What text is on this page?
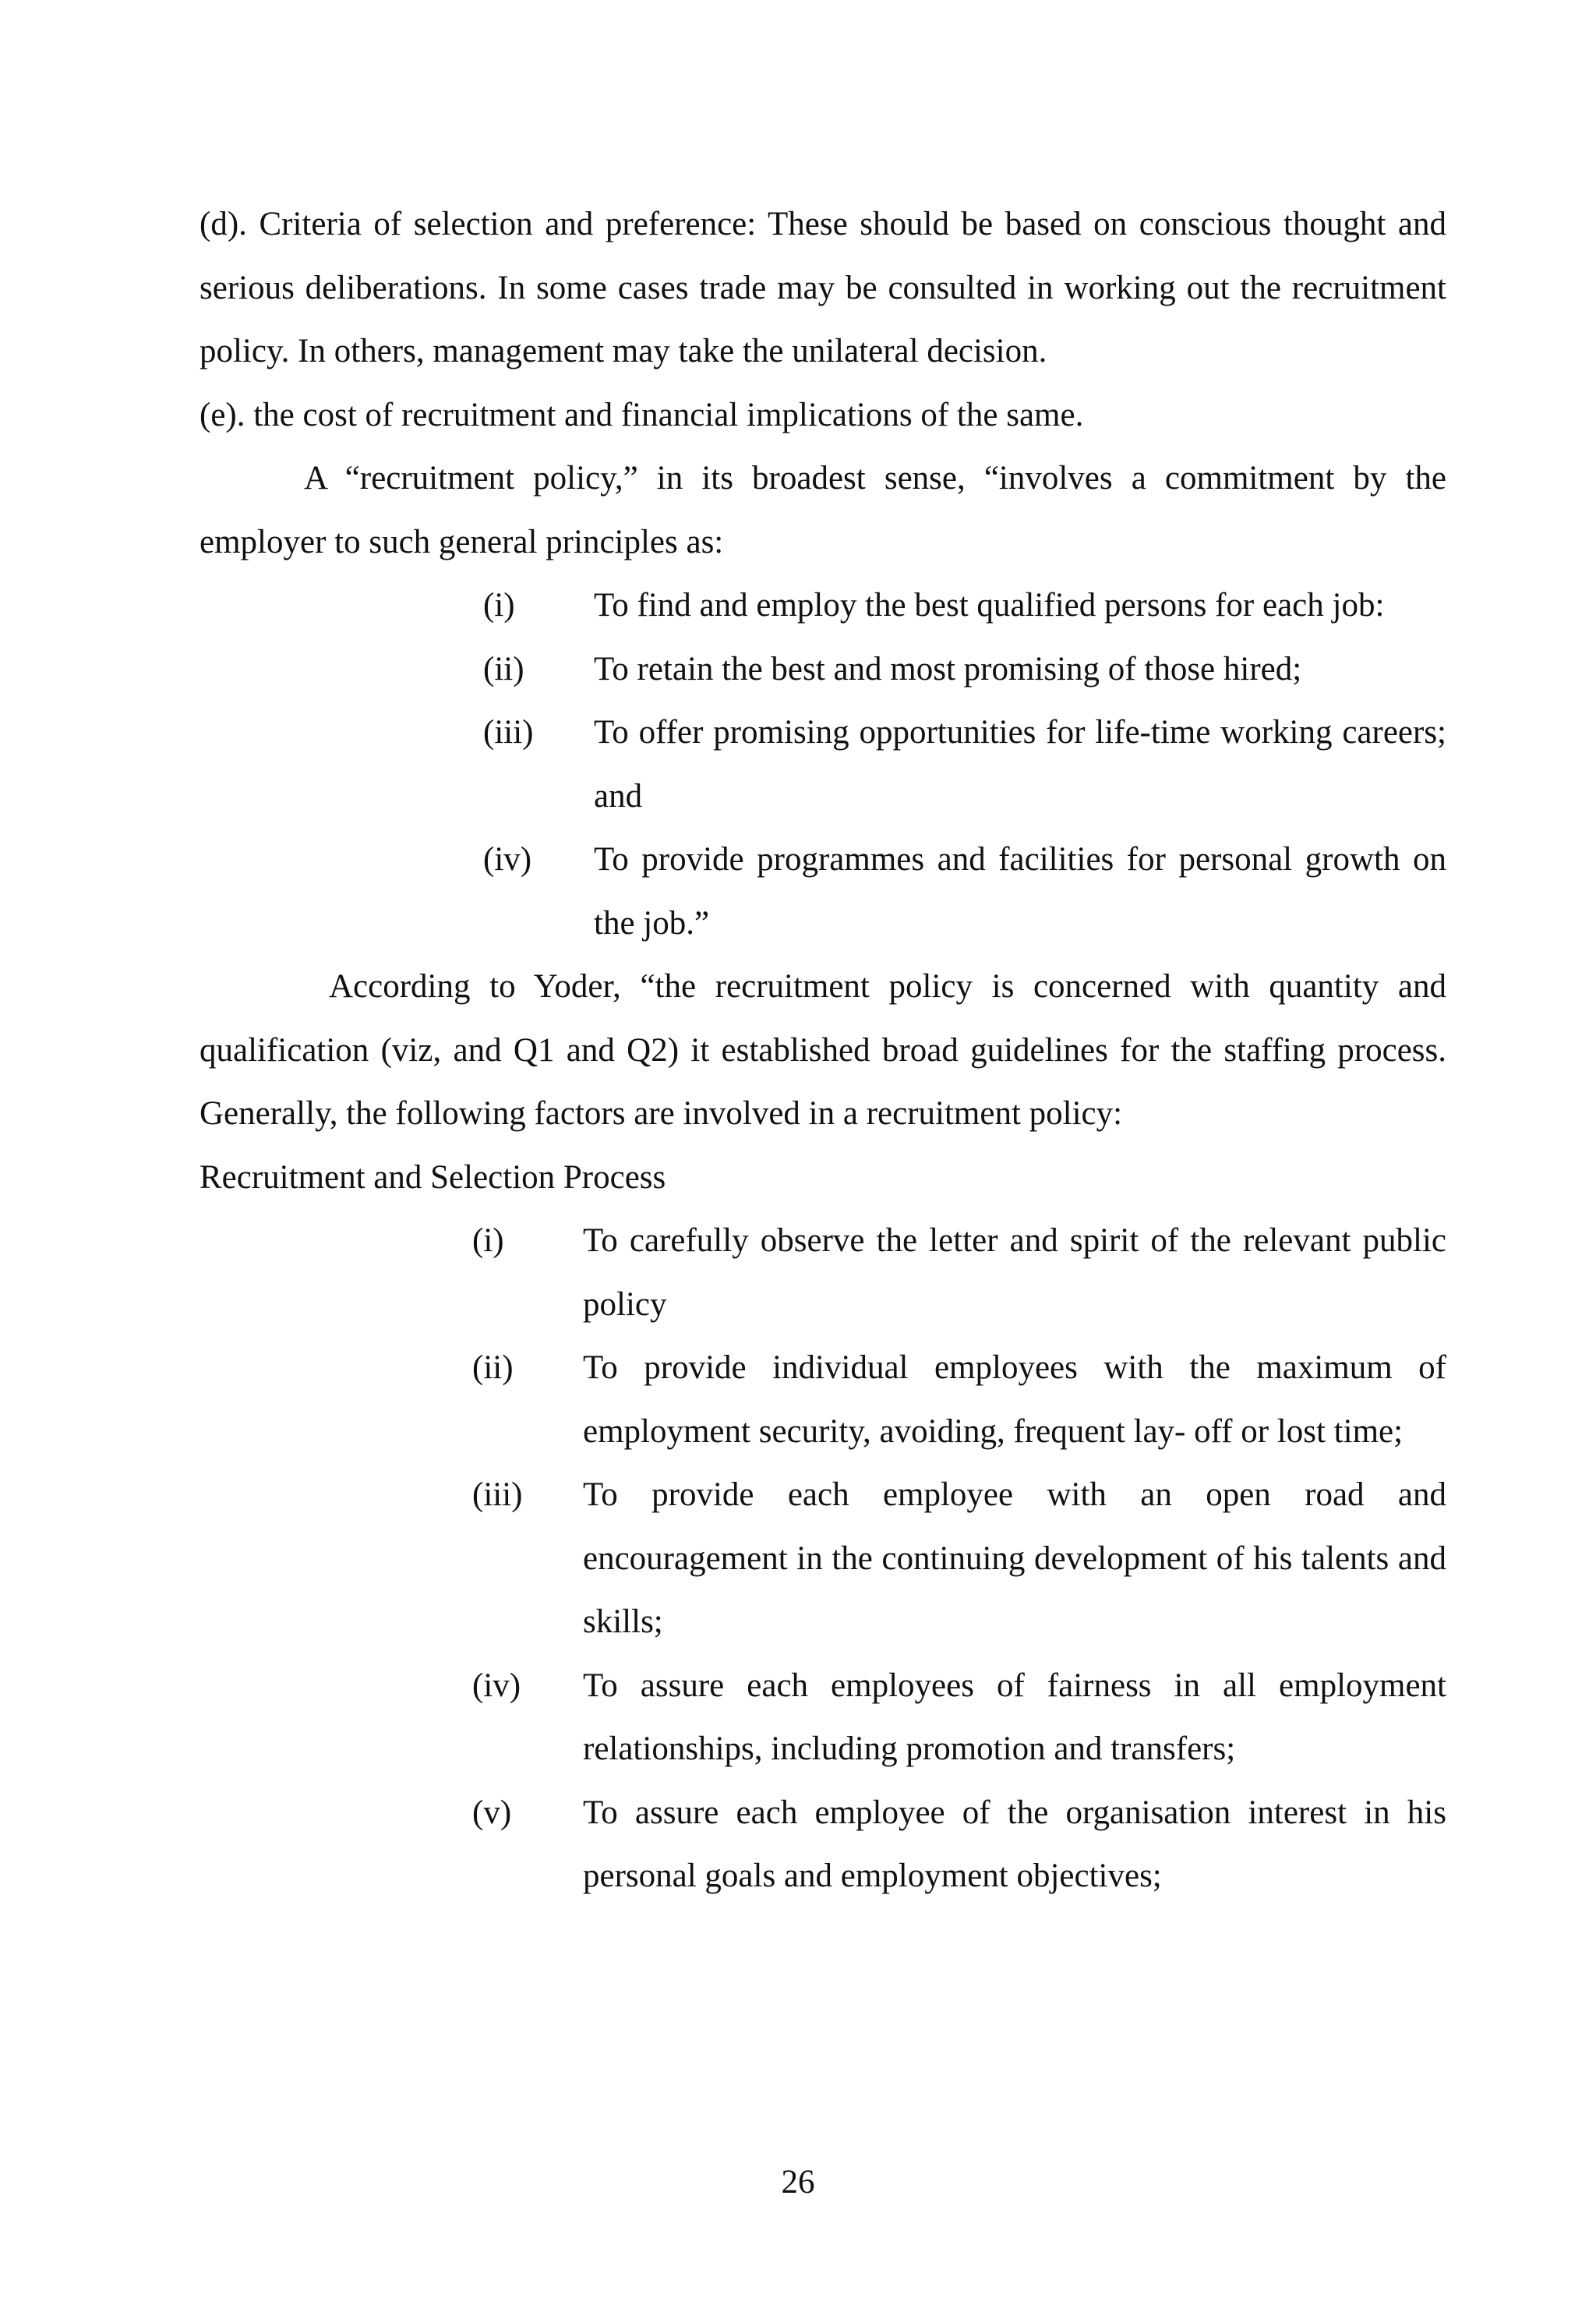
(d). Criteria of selection and preference: These should be based on conscious thought and serious deliberations. In some cases trade may be consulted in working out the recruitment policy. In others, management may take the unilateral decision.

(e). the cost of recruitment and financial implications of the same.

A “recruitment policy,” in its broadest sense, “involves a commitment by the employer to such general principles as:

(i)	To find and employ the best qualified persons for each job:
(ii)	To retain the best and most promising of those hired;
(iii)	To offer promising opportunities for life-time working careers; and
(iv)	To provide programmes and facilities for personal growth on the job.”

According to Yoder, “the recruitment policy is concerned with quantity and qualification (viz, and Q1 and Q2) it established broad guidelines for the staffing process. Generally, the following factors are involved in a recruitment policy:

Recruitment and Selection Process

(i)	To carefully observe the letter and spirit of the relevant public policy
(ii)	To provide individual employees with the maximum of employment security, avoiding, frequent lay- off or lost time;
(iii)	To provide each employee with an open road and encouragement in the continuing development of his talents and skills;
(iv)	To assure each employees of fairness in all employment relationships, including promotion and transfers;
(v)	To assure each employee of the organisation interest in his personal goals and employment objectives;
26
